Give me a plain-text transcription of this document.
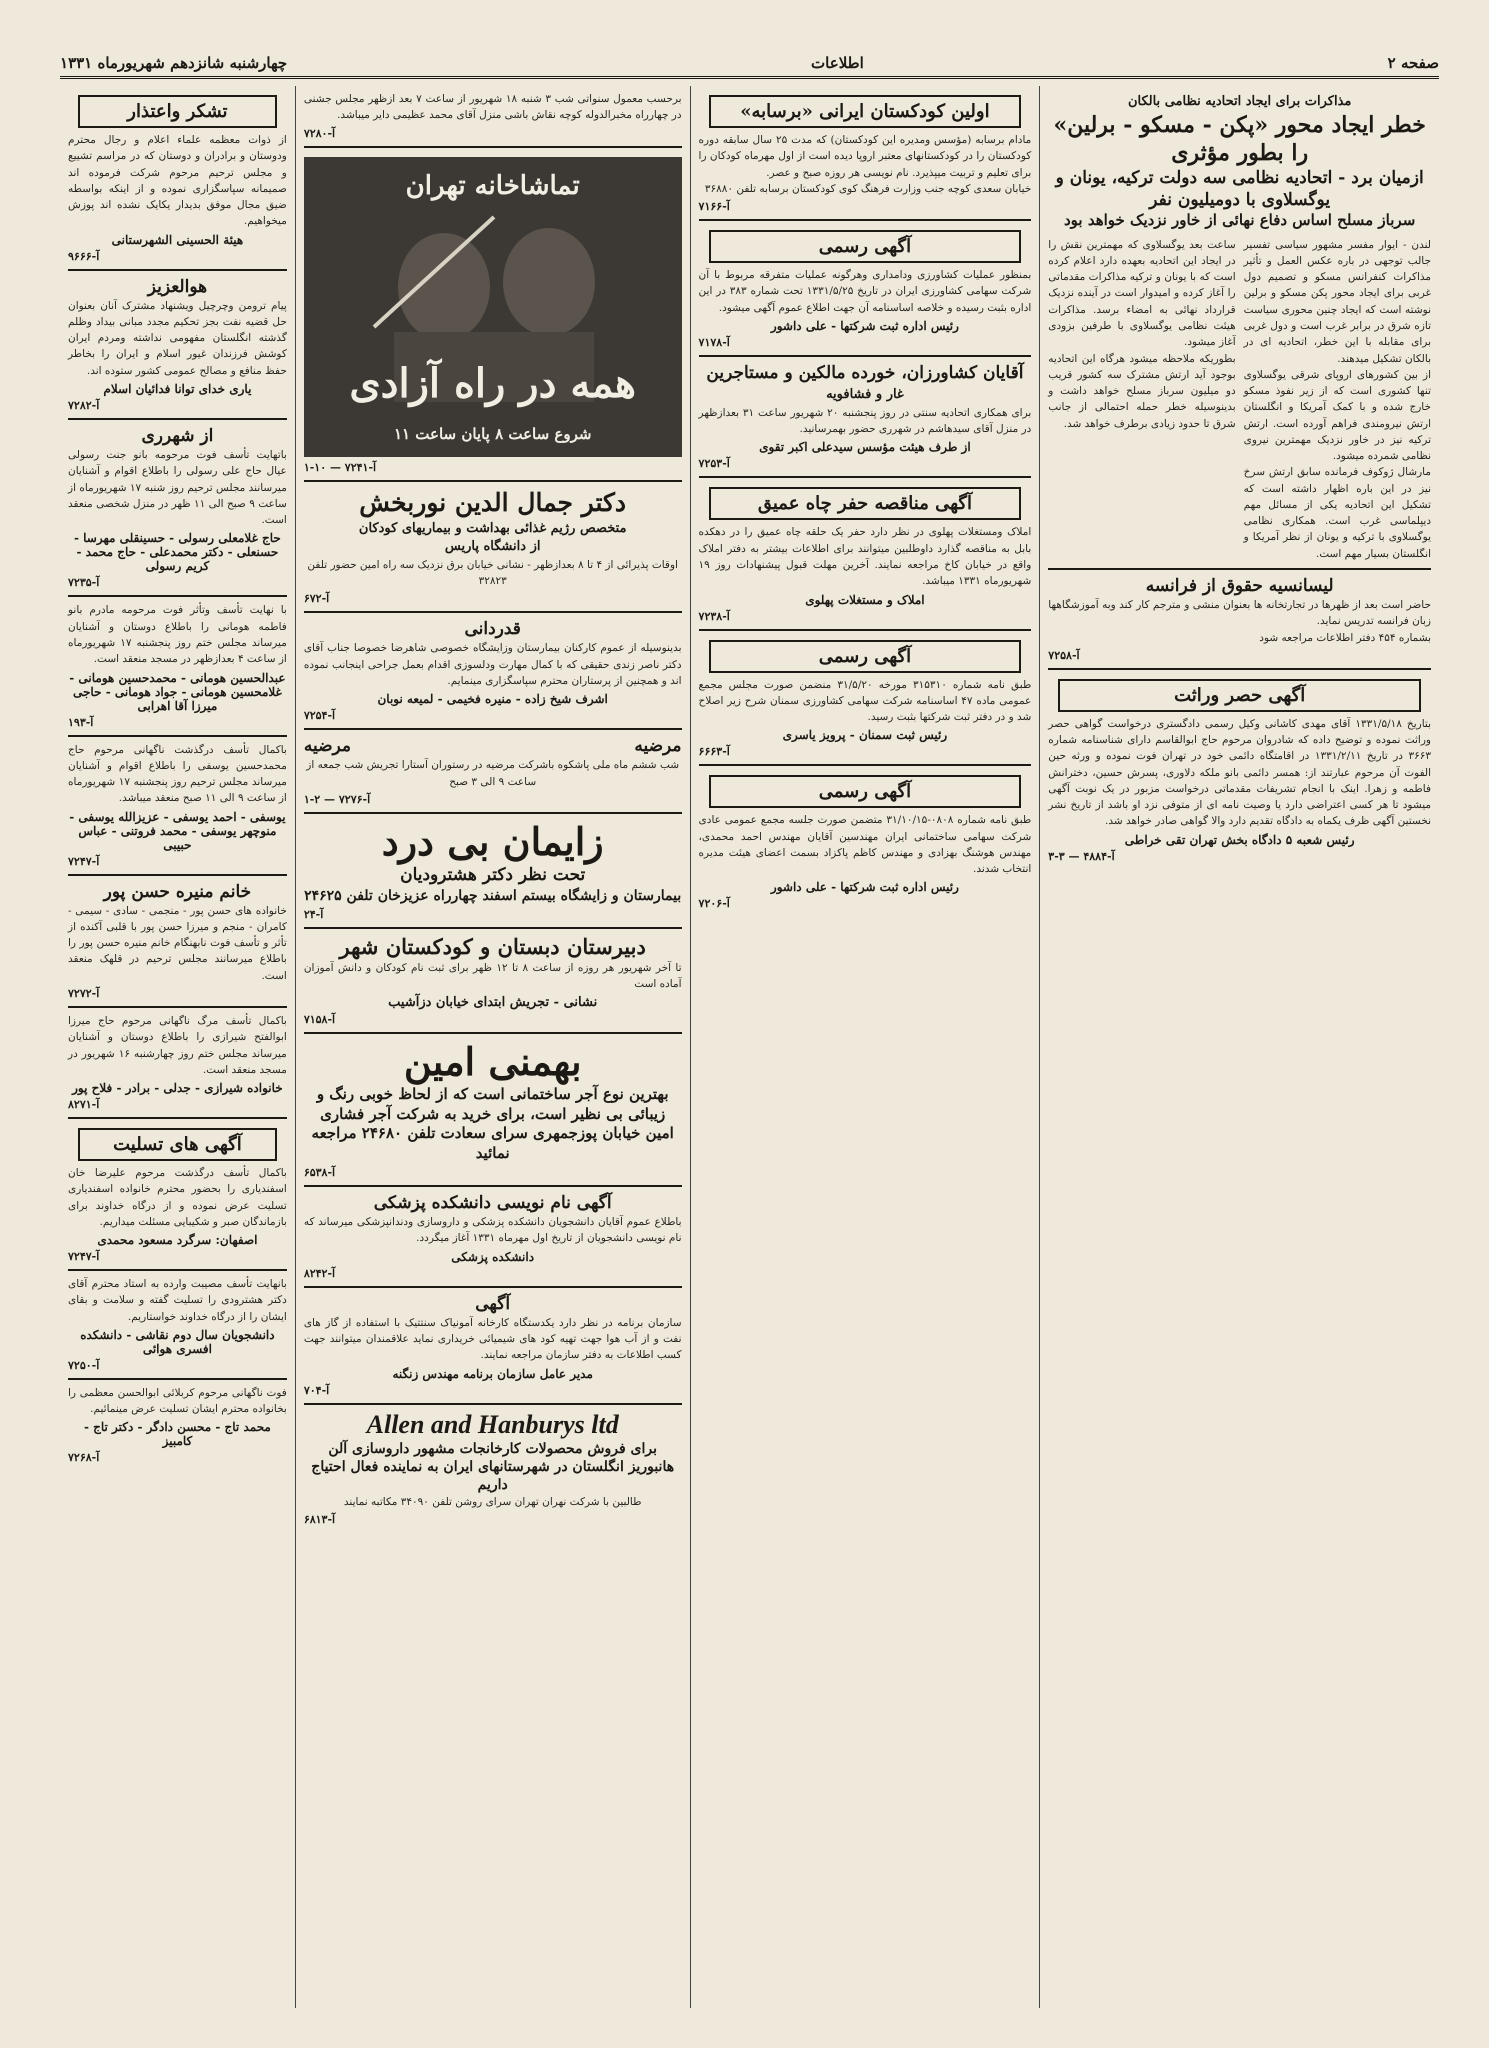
صفحه ۲
اطلاعات
چهارشنبه شانزدهم شهریورماه ۱۳۳۱
مذاکرات برای ایجاد اتحادیه نظامی بالکان
خطر ایجاد محور «پکن - مسکو - برلین» را بطور مؤثری
ازمیان برد - اتحادیه نظامی سه دولت ترکیه، یونان و یوگسلاوی با دومیلیون نفر
سرباز مسلح اساس دفاع نهائی از خاور نزدیک خواهد بود
لندن - ایوار مفسر مشهور سیاسی تفسیر جالب توجهی در باره عکس العمل و تأثیر مذاکرات کنفرانس مسکو و تصمیم دول غربی برای ایجاد محور پکن مسکو و برلین نوشته است که ایجاد چنین محوری سیاست تازه شرق در برابر غرب است و دول غربی برای مقابله با این خطر، اتحادیه ای در بالکان تشکیل میدهند.
از بین کشورهای اروپای شرقی یوگسلاوی تنها کشوری است که از زیر نفوذ مسکو خارج شده و با کمک آمریکا و انگلستان ارتش نیرومندی فراهم آورده است. ارتش ترکیه نیز در خاور نزدیک مهمترین نیروی نظامی شمرده میشود.
مارشال ژوکوف فرمانده سابق ارتش سرخ نیز در این باره اظهار داشته است که تشکیل این اتحادیه یکی از مسائل مهم دیپلماسی غرب است. همکاری نظامی یوگسلاوی با ترکیه و یونان از نظر آمریکا و انگلستان بسیار مهم است.
ساعت بعد یوگسلاوی که مهمترین نقش را در ایجاد این اتحادیه بعهده دارد اعلام کرده است که با یونان و ترکیه مذاکرات مقدماتی را آغاز کرده و امیدوار است در آینده نزدیک قرارداد نهائی به امضاء برسد. مذاکرات هیئت نظامی یوگسلاوی با طرفین بزودی آغاز میشود.
بطوریکه ملاحظه میشود هرگاه این اتحادیه بوجود آید ارتش مشترک سه کشور قریب دو میلیون سرباز مسلح خواهد داشت و بدینوسیله خطر حمله احتمالی از جانب شرق تا حدود زیادی برطرف خواهد شد.
لیسانسیه حقوق از فرانسه
حاضر است بعد از ظهرها در تجارتخانه ها بعنوان منشی و مترجم کار کند وبه آموزشگاهها زبان فرانسه تدریس نماید.
بشماره ۴۵۴ دفتر اطلاعات مراجعه شود
آ-۷۲۵۸
آگهی حصر وراثت
بتاریخ ۱۳۳۱/۵/۱۸ آقای مهدی کاشانی وکیل رسمی دادگستری درخواست گواهی حصر وراثت نموده و توضیح داده که شادروان مرحوم حاج ابوالقاسم دارای شناسنامه شماره ۳۶۶۳ در تاریخ ۱۳۳۱/۲/۱۱ در اقامتگاه دائمی خود در تهران فوت نموده و ورثه حین الفوت آن مرحوم عبارتند از: همسر دائمی بانو ملکه دلاوری، پسرش حسین، دخترانش فاطمه و زهرا. اینک با انجام تشریفات مقدماتی درخواست مزبور در یک نوبت آگهی میشود تا هر کسی اعتراضی دارد یا وصیت نامه ای از متوفی نزد او باشد از تاریخ نشر نخستین آگهی ظرف یکماه به دادگاه تقدیم دارد والا گواهی صادر خواهد شد.
رئیس شعبه ۵ دادگاه بخش تهران تقی خراطی
۳-۳ — آ-۴۸۸۴
اولین کودکستان ایرانی «برسابه»
مادام برسابه (مؤسس ومدیره این کودکستان) که مدت ۲۵ سال سابقه دوره کودکستان را در کودکستانهای معتبر اروپا دیده است از اول مهرماه کودکان را برای تعلیم و تربیت میپذیرد. نام نویسی هر روزه صبح و عصر.
خیابان سعدی کوچه جنب وزارت فرهنگ کوی کودکستان برسابه تلفن ۳۶۸۸۰
آ-۷۱۶۶
آگهی رسمی
بمنظور عملیات کشاورزی ودامداری وهرگونه عملیات متفرقه مربوط با آن شرکت سهامی کشاورزی ایران در تاریخ ۱۳۳۱/۵/۲۵ تحت شماره ۳۸۳ در این اداره بثبت رسیده و خلاصه اساسنامه آن جهت اطلاع عموم آگهی میشود.
رئیس اداره ثبت شرکتها - علی داشور
آ-۷۱۷۸
آقایان کشاورزان، خورده مالکین و مستاجرین
غار و فشافویه
برای همکاری اتحادیه سنتی در روز پنجشنبه ۲۰ شهریور ساعت ۳۱ بعدازظهر در منزل آقای سیدهاشم در شهرری حضور بهمرسانید.
از طرف هیئت مؤسس سیدعلی اکبر تقوی
آ-۷۲۵۳
آگهی مناقصه حفر چاه عمیق
املاک ومستغلات پهلوی در نظر دارد حفر یک حلقه چاه عمیق را در دهکده بابل به مناقصه گذارد داوطلبین میتوانند برای اطلاعات بیشتر به دفتر املاک واقع در خیابان کاخ مراجعه نمایند. آخرین مهلت قبول پیشنهادات روز ۱۹ شهریورماه ۱۳۳۱ میباشد.
املاک و مستغلات پهلوی
آ-۷۲۳۸
آگهی رسمی
طبق نامه شماره ۳۱۵۳۱۰ مورخه ۳۱/۵/۲۰ منضمن صورت مجلس مجمع عمومی ماده ۴۷ اساسنامه شرکت سهامی کشاورزی سمنان شرح زیر اصلاح شد و در دفتر ثبت شرکتها بثبت رسید.
رئیس ثبت سمنان - پرویز یاسری
آ-۶۶۶۳
آگهی رسمی
طبق نامه شماره ۰۸۰۸-۳۱/۱۰/۱۵ متضمن صورت جلسه مجمع عمومی عادی شرکت سهامی ساختمانی ایران مهندسین آقایان مهندس احمد محمدی، مهندس هوشنگ بهزادی و مهندس کاظم پاکزاد بسمت اعضای هیئت مدیره انتخاب شدند.
رئیس اداره ثبت شرکتها - علی داشور
آ-۷۲۰۶
برحسب معمول سنواتی شب ۳ شنبه ۱۸ شهریور از ساعت ۷ بعد ازظهر مجلس جشنی در چهارراه مخبرالدوله کوچه نقاش باشی منزل آقای محمد عظیمی دایر میباشد.
آ-۷۲۸۰
تماشاخانه تهران
همه در راه آزادی
شروع ساعت ۸ پایان ساعت ۱۱
۱-۱۰ — آ-۷۲۴۱
دکتر جمال الدین نوربخش
متخصص رژیم غذائی بهداشت و بیماریهای کودکان
از دانشگاه پاریس
اوقات پذیرائی از ۴ تا ۸ بعدازظهر - نشانی خیابان برق نزدیک سه راه امین حضور تلفن ۳۲۸۲۳
آ-۶۷۲
قدردانی
بدینوسیله از عموم کارکنان بیمارستان وزایشگاه خصوصی شاهرضا خصوصا جناب آقای دکتر ناصر زندی حقیقی که با کمال مهارت ودلسوزی اقدام بعمل جراحی اینجانب نموده اند و همچنین از پرستاران محترم سپاسگزاری مینمایم.
اشرف شیخ زاده - منیره فخیمی - لمیعه نوبان
آ-۷۲۵۴
مرضیه
مرضیه
شب ششم ماه ملی پاشکوه باشرکت مرضیه در رستوران آستارا تجریش شب جمعه از ساعت ۹ الی ۳ صبح
۱-۲ — آ-۷۲۷۶
زایمان بی درد
تحت نظر دکتر هشترودیان
بیمارستان و زایشگاه بیستم اسفند چهارراه عزیزخان تلفن ۲۴۶۲۵
آ-۲۴
دبیرستان دبستان و کودکستان شهر
تا آخر شهریور هر روزه از ساعت ۸ تا ۱۲ ظهر برای ثبت نام کودکان و دانش آموزان آماده است
نشانی - تجریش ابتدای خیابان دزآشیب
آ-۷۱۵۸
بهمنی امین
بهترین نوع آجر ساختمانی است که از لحاظ خوبی رنگ و زیبائی بی نظیر است، برای خرید به شرکت آجر فشاری امین خیابان پوزجمهری سرای سعادت تلفن ۲۴۶۸۰ مراجعه نمائید
آ-۶۵۳۸
آگهی نام نویسی دانشکده پزشکی
باطلاع عموم آقایان دانشجویان دانشکده پزشکی و داروسازی ودندانپزشکی میرساند که نام نویسی دانشجویان از تاریخ اول مهرماه ۱۳۳۱ آغاز میگردد.
دانشکده پزشکی
آ-۸۲۴۲
آگهی
سازمان برنامه در نظر دارد یکدستگاه کارخانه آمونیاک سنتتیک با استفاده از گاز های نفت و از آب هوا جهت تهیه کود های شیمیائی خریداری نماید علاقمندان میتوانند جهت کسب اطلاعات به دفتر سازمان مراجعه نمایند.
مدیر عامل سازمان برنامه مهندس زنگنه
آ-۷۰۴
Allen and Hanburys ltd
برای فروش محصولات کارخانجات مشهور داروسازی آلن هانبوریز انگلستان در شهرستانهای ایران به نماینده فعال احتیاج داریم
طالبین با شرکت نهران تهران سرای روشن تلفن ۳۴۰۹۰ مکاتبه نمایند
آ-۶۸۱۳
تشکر واعتذار
از ذوات معظمه علماء اعلام و رجال محترم ودوستان و برادران و دوستان که در مراسم تشییع و مجلس ترحیم مرحوم شرکت فرموده اند صمیمانه سپاسگزاری نموده و از اینکه بواسطه ضیق مجال موفق بدیدار یکایک نشده اند پوزش میخواهیم.
هیئة الحسینی الشهرستانی
آ-۹۶۶۶
هوالعزیز
پیام ترومن وچرچیل ویشنهاد مشترک آنان بعنوان حل قضیه نفت بجز تحکیم مجدد مبانی بیداد وظلم گذشته انگلستان مفهومی نداشته ومردم ایران کوشش فرزندان غیور اسلام و ایران را بخاطر حفظ منافع و مصالح عمومی کشور ستوده اند.
یاری خدای توانا فدائیان اسلام
آ-۷۲۸۲
از شهرری
باتهایت تأسف فوت مرحومه بانو جنت رسولی عیال حاج علی رسولی را باطلاع اقوام و آشنایان میرسانند مجلس ترحیم روز شنبه ۱۷ شهریورماه از ساعت ۹ صبح الی ۱۱ ظهر در منزل شخصی منعقد است.
حاج غلامعلی رسولی - حسینقلی مهرسا - حسنعلی - دکتر محمدعلی - حاج محمد - کریم رسولی
آ-۷۲۳۵
با نهایت تأسف وتأثر فوت مرحومه مادرم بانو فاطمه هومانی را باطلاع دوستان و آشنایان میرساند مجلس ختم روز پنجشنبه ۱۷ شهریورماه از ساعت ۴ بعدازظهر در مسجد منعقد است.
عبدالحسین هومانی - محمدحسین هومانی - غلامحسین هومانی - جواد هومانی - حاجی میرزا آقا اهرابی
آ-۱۹۳
باکمال تأسف درگذشت ناگهانی مرحوم حاج محمدحسین یوسفی را باطلاع اقوام و آشنایان میرساند مجلس ترحیم روز پنجشنبه ۱۷ شهریورماه از ساعت ۹ الی ۱۱ صبح منعقد میباشد.
یوسفی - احمد یوسفی - عزیزالله یوسفی - منوچهر یوسفی - محمد فروتنی - عباس حبیبی
آ-۷۲۴۷
خانم منیره حسن پور
خانواده های حسن پور - منجمی - سادی - سیمی - کامران - منجم و میرزا حسن پور با قلبی آکنده از تأثر و تأسف فوت نابهنگام خانم منیره حسن پور را باطلاع میرسانند مجلس ترحیم در قلهک منعقد است.
آ-۷۲۷۲
باکمال تأسف مرگ ناگهانی مرحوم حاج میرزا ابوالفتح شیرازی را باطلاع دوستان و آشنایان میرساند مجلس ختم روز چهارشنبه ۱۶ شهریور در مسجد منعقد است.
خانواده شیرازی - جدلی - برادر - فلاح پور
آ-۸۲۷۱
آگهی های تسلیت
باکمال تأسف درگذشت مرحوم علیرضا خان اسفندیاری را بحضور محترم خانواده اسفندیاری تسلیت عرض نموده و از درگاه خداوند برای بازماندگان صبر و شکیبایی مسئلت میداریم.
اصفهان: سرگرد مسعود محمدی
آ-۷۲۴۷
بانهایت تأسف مصیبت وارده به استاد محترم آقای دکتر هشترودی را تسلیت گفته و سلامت و بقای ایشان را از درگاه خداوند خواستاریم.
دانشجویان سال دوم نقاشی - دانشکده افسری هوائی
آ-۷۲۵۰
فوت ناگهانی مرحوم کربلائی ابوالحسن معظمی را بخانواده محترم ایشان تسلیت عرض مینمائیم.
محمد تاج - محسن دادگر - دکتر تاج - کامبیز
آ-۷۲۶۸
